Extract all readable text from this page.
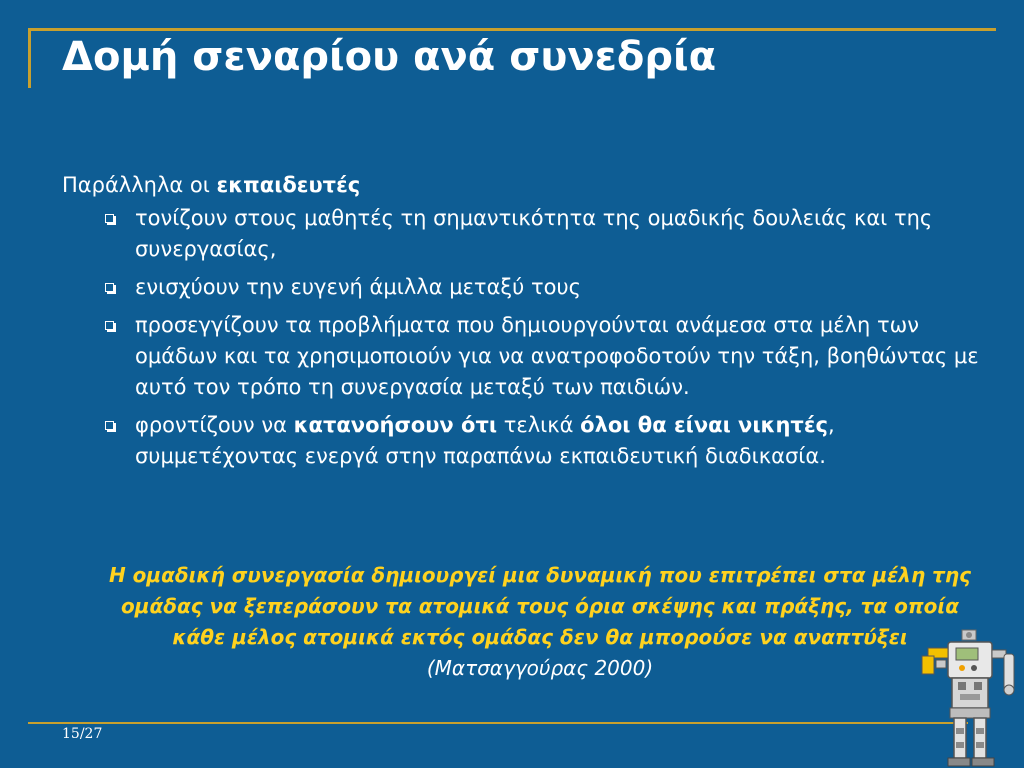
Δομή σεναρίου ανά συνεδρία

Παράλληλα οι εκπαιδευτές

τονίζουν στους μαθητές τη σημαντικότητα της ομαδικής δουλειάς και της συνεργασίας,
ενισχύουν την ευγενή άμιλλα μεταξύ τους
προσεγγίζουν τα προβλήματα που δημιουργούνται ανάμεσα στα μέλη των ομάδων και τα χρησιμοποιούν για να ανατροφοδοτούν την τάξη, βοηθώντας με αυτό τον τρόπο τη συνεργασία μεταξύ των παιδιών.
φροντίζουν να κατανοήσουν ότι τελικά όλοι θα είναι νικητές, συμμετέχοντας ενεργά στην παραπάνω εκπαιδευτική διαδικασία.
Η ομαδική συνεργασία δημιουργεί μια δυναμική που επιτρέπει στα μέλη της ομάδας να ξεπεράσουν τα ατομικά τους όρια σκέψης και πράξης, τα οποία κάθε μέλος ατομικά εκτός ομάδας δεν θα μπορούσε να αναπτύξει (Ματσαγγούρας 2000)
15/27
